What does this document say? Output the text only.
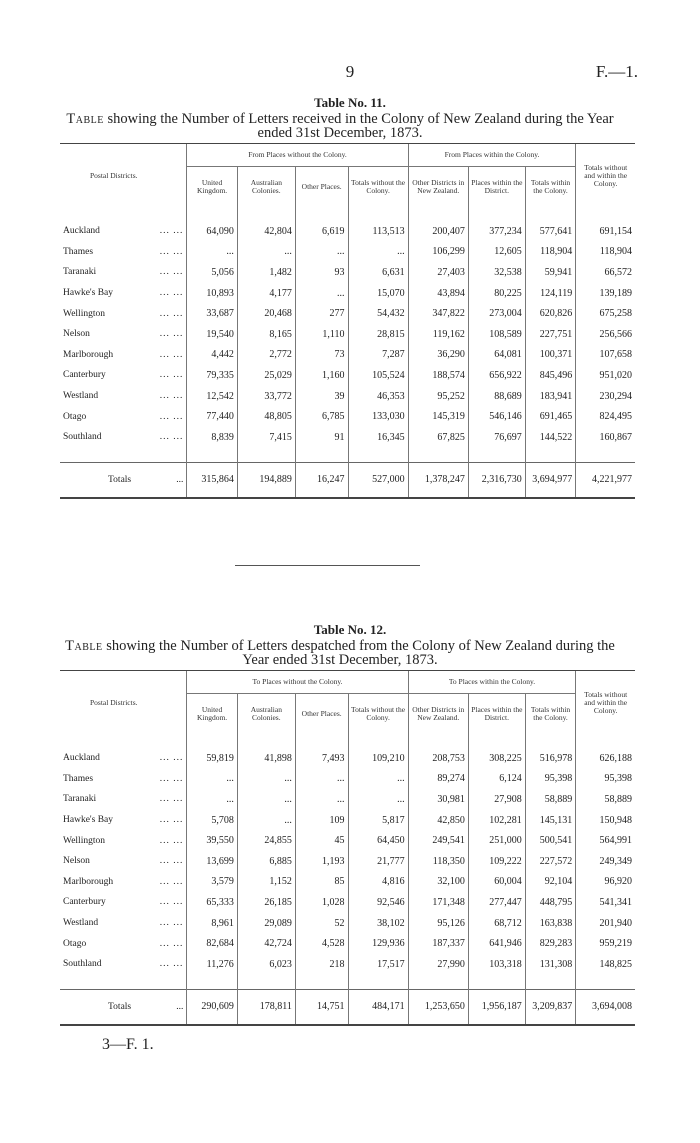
9	F.—1.
Table No. 11.
Table showing the Number of Letters received in the Colony of New Zealand during the Year ended 31st December, 1873.
Postal Districts.	From Places without the Colony.				From Places within the Colony.			Totals without and within the Colony.
	United Kingdom.	Australian Colonies.	Other Places.	Totals without the Colony.	Other Districts in New Zealand.	Places within the District.	Totals within the Colony.	

Auckland ... ...	64,090	42,804	6,619	113,513	200,407	377,234	577,641	691,154
Thames ... ...	...	...	...	...	106,299	12,605	118,904	118,904
Taranaki ... ...	5,056	1,482	93	6,631	27,403	32,538	59,941	66,572
Hawke's Bay ... ...	10,893	4,177	...	15,070	43,894	80,225	124,119	139,189
Wellington ... ...	33,687	20,468	277	54,432	347,822	273,004	620,826	675,258
Nelson ... ...	19,540	8,165	1,110	28,815	119,162	108,589	227,751	256,566
Marlborough ... ...	4,442	2,772	73	7,287	36,290	64,081	100,371	107,658
Canterbury ... ...	79,335	25,029	1,160	105,524	188,574	656,922	845,496	951,020
Westland ... ...	12,542	33,772	39	46,353	95,252	88,689	183,941	230,294
Otago ... ...	77,440	48,805	6,785	133,030	145,319	546,146	691,465	824,495
Southland ... ...	8,839	7,415	91	16,345	67,825	76,697	144,522	160,867

Totals ...	315,864	194,889	16,247	527,000	1,378,247	2,316,730	3,694,977	4,221,977
Table No. 12.
Table showing the Number of Letters despatched from the Colony of New Zealand during the Year ended 31st December, 1873.
Postal Districts.	To Places without the Colony.				To Places within the Colony.			Totals without and within the Colony.
	United Kingdom.	Australian Colonies.	Other Places.	Totals without the Colony.	Other Districts in New Zealand.	Places within the District.	Totals within the Colony.	

Auckland ... ...	59,819	41,898	7,493	109,210	208,753	308,225	516,978	626,188
Thames ... ...	...	...	...	...	89,274	6,124	95,398	95,398
Taranaki ... ...	...	...	...	...	30,981	27,908	58,889	58,889
Hawke's Bay ... ...	5,708	...	109	5,817	42,850	102,281	145,131	150,948
Wellington ... ...	39,550	24,855	45	64,450	249,541	251,000	500,541	564,991
Nelson ... ...	13,699	6,885	1,193	21,777	118,350	109,222	227,572	249,349
Marlborough ... ...	3,579	1,152	85	4,816	32,100	60,004	92,104	96,920
Canterbury ... ...	65,333	26,185	1,028	92,546	171,348	277,447	448,795	541,341
Westland ... ...	8,961	29,089	52	38,102	95,126	68,712	163,838	201,940
Otago ... ...	82,684	42,724	4,528	129,936	187,337	641,946	829,283	959,219
Southland ... ...	11,276	6,023	218	17,517	27,990	103,318	131,308	148,825

Totals ...	290,609	178,811	14,751	484,171	1,253,650	1,956,187	3,209,837	3,694,008
3—F. 1.
